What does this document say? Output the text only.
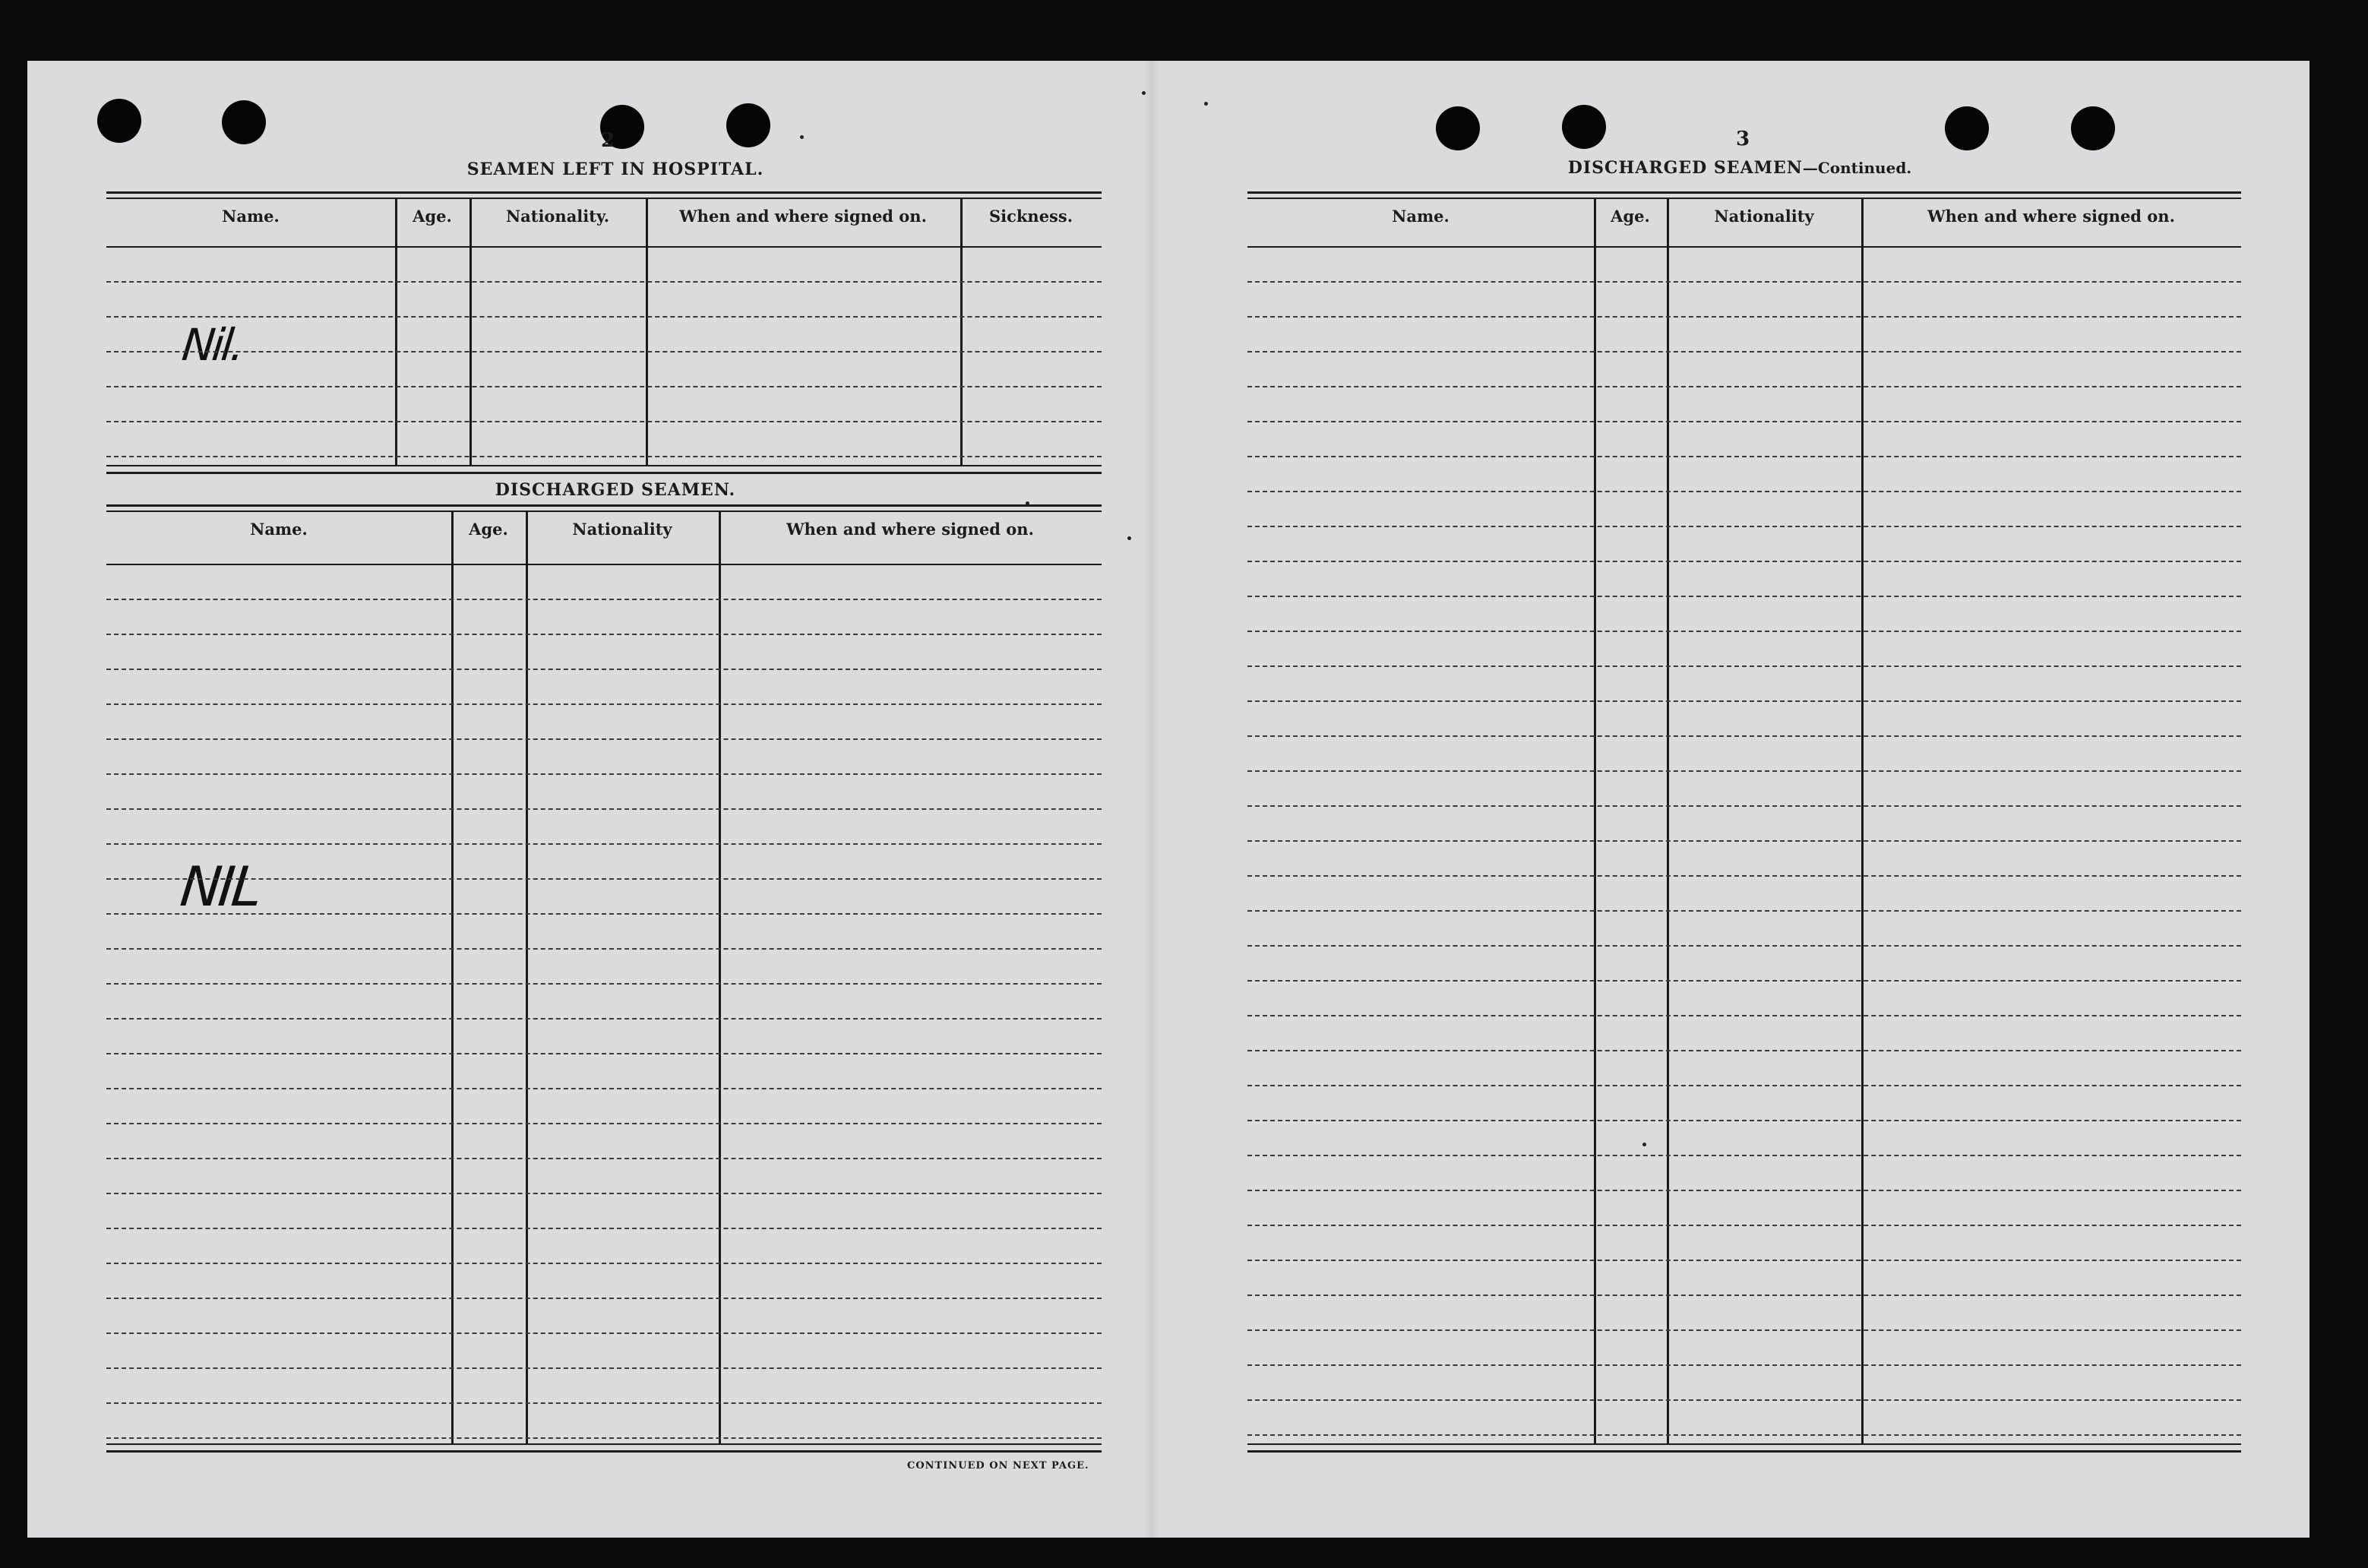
2
SEAMEN LEFT IN HOSPITAL.
DISCHARGED SEAMEN.
Nil.
NIL
CONTINUED ON NEXT PAGE.
3
DISCHARGED SEAMEN—Continued.
Name.	Age.	Nationality.	When and where signed on.	Sickness.
Name.	Age.	Nationality	When and where signed on.
Name.	Age.	Nationality	When and where signed on.
